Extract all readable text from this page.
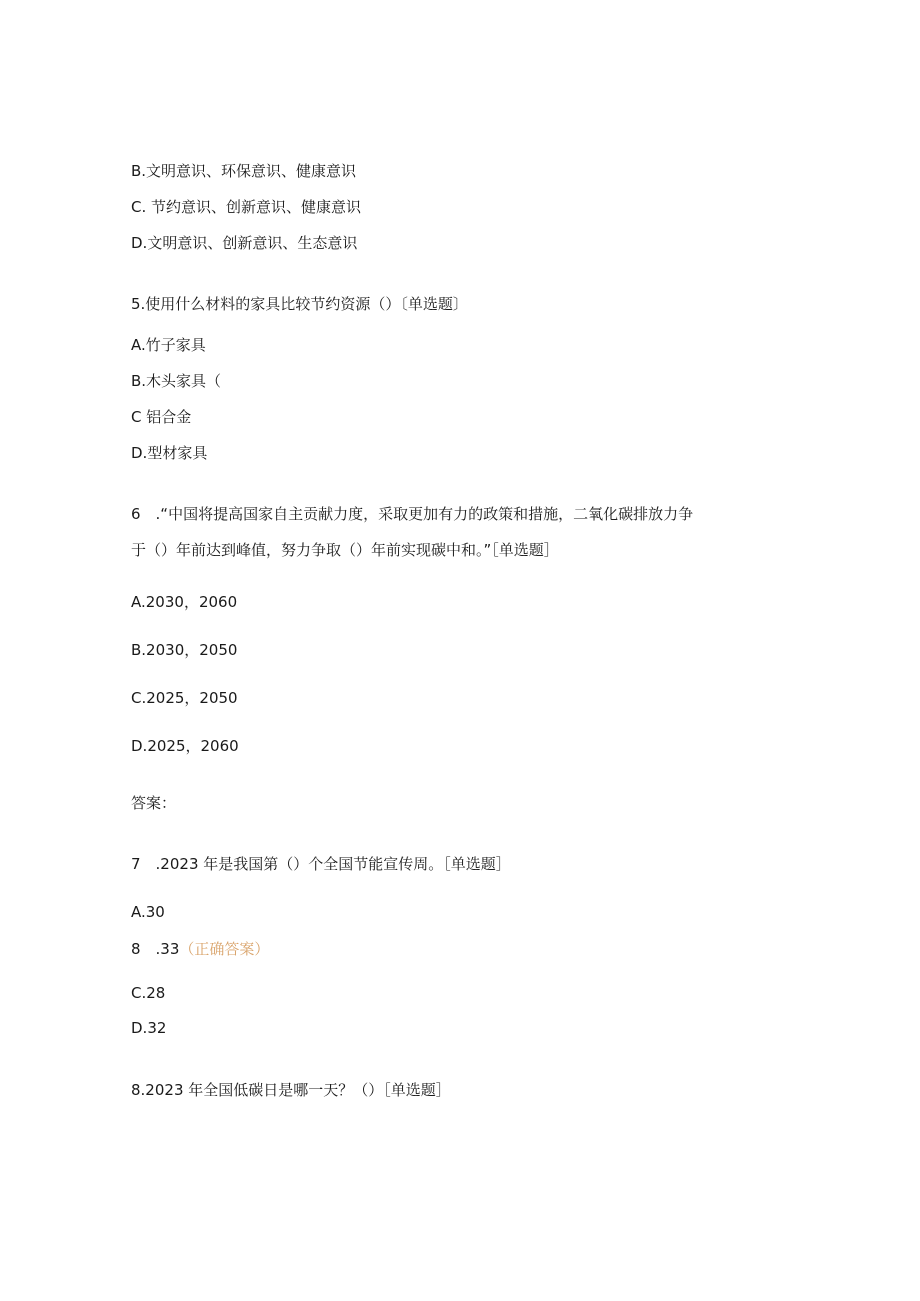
B.文明意识、环保意识、健康意识
C. 节约意识、创新意识、健康意识
D.文明意识、创新意识、生态意识
5.使用什么材料的家具比较节约资源（）〔单选题〕
A.竹子家具
B.木头家具（
C 铝合金
D.型材家具
6　.“中国将提高国家自主贡献力度，采取更加有力的政策和措施，二氧化碳排放力争
于（）年前达到峰值，努力争取（）年前实现碳中和。”［单选题］
A.2030，2060
B.2030，2050
C.2025，2050
D.2025，2060
答案：
7　.2023 年是我国第（）个全国节能宣传周。［单选题］
A.30
8　.33（正确答案）
C.28
D.32
8.2023 年全国低碳日是哪一天？（）［单选题］
